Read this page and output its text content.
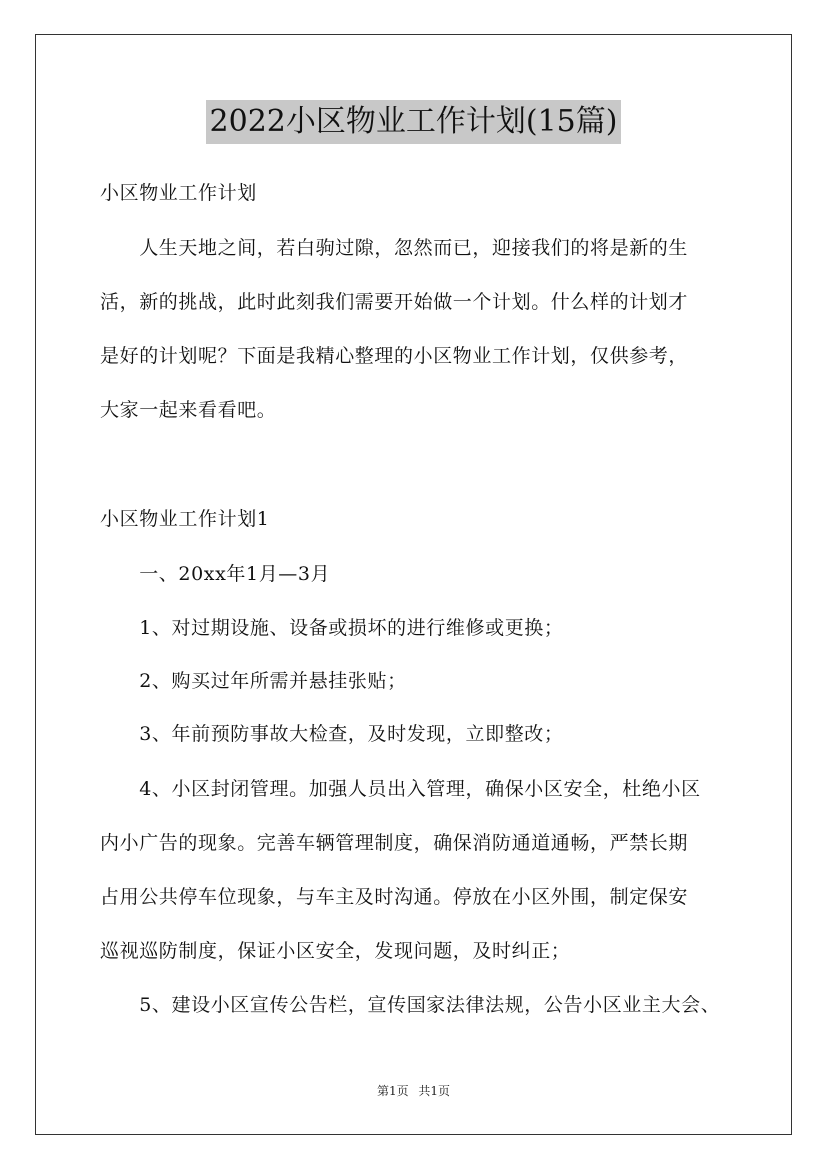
2022小区物业工作计划(15篇)
小区物业工作计划
　　人生天地之间，若白驹过隙，忽然而已，迎接我们的将是新的生
活，新的挑战，此时此刻我们需要开始做一个计划。什么样的计划才
是好的计划呢？下面是我精心整理的小区物业工作计划，仅供参考，
大家一起来看看吧。
小区物业工作计划1
　　一、20xx年1月—3月
　　1、对过期设施、设备或损坏的进行维修或更换；
　　2、购买过年所需并悬挂张贴；
　　3、年前预防事故大检查，及时发现，立即整改；
　　4、小区封闭管理。加强人员出入管理，确保小区安全，杜绝小区
内小广告的现象。完善车辆管理制度，确保消防通道通畅，严禁长期
占用公共停车位现象，与车主及时沟通。停放在小区外围，制定保安
巡视巡防制度，保证小区安全，发现问题，及时纠正；
　　5、建设小区宣传公告栏，宣传国家法律法规，公告小区业主大会、
第1页 共1页
